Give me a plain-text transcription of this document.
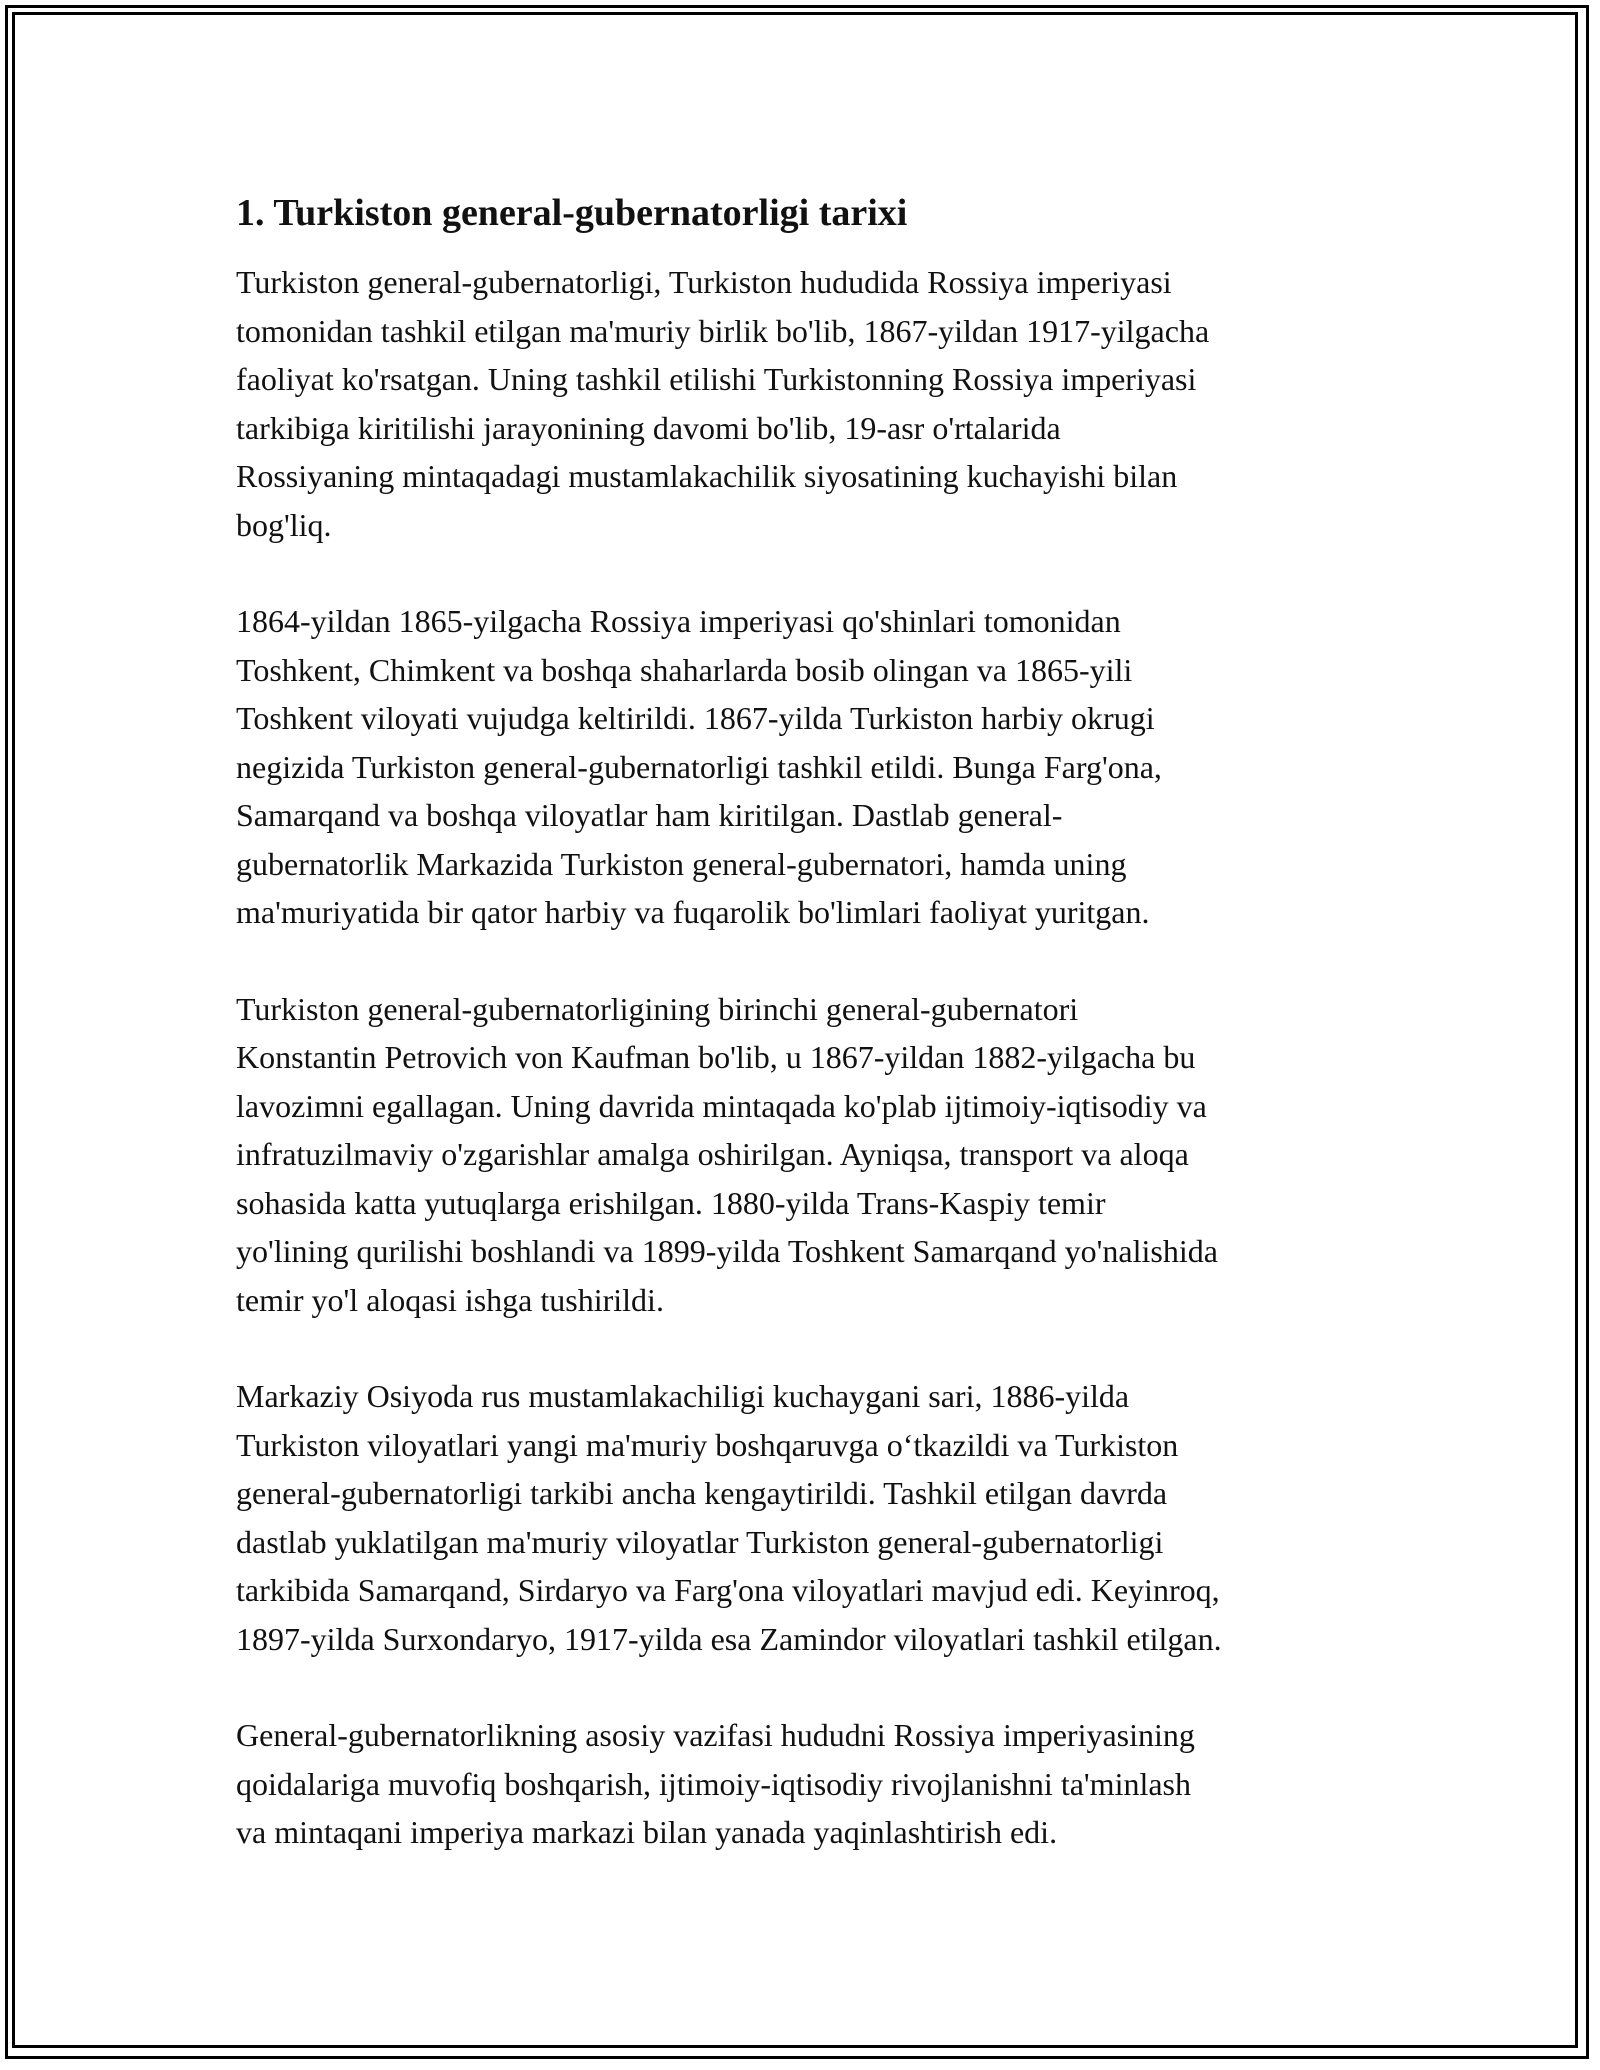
1. Turkiston general-gubernatorligi tarixi

Turkiston general-gubernatorligi, Turkiston hududida Rossiya imperiyasi
tomonidan tashkil etilgan ma'muriy birlik bo'lib, 1867-yildan 1917-yilgacha
faoliyat ko'rsatgan. Uning tashkil etilishi Turkistonning Rossiya imperiyasi
tarkibiga kiritilishi jarayonining davomi bo'lib, 19-asr o'rtalarida
Rossiyaning mintaqadagi mustamlakachilik siyosatining kuchayishi bilan
bog'liq.

1864-yildan 1865-yilgacha Rossiya imperiyasi qo'shinlari tomonidan
Toshkent, Chimkent va boshqa shaharlarda bosib olingan va 1865-yili
Toshkent viloyati vujudga keltirildi. 1867-yilda Turkiston harbiy okrugi
negizida Turkiston general-gubernatorligi tashkil etildi. Bunga Farg'ona,
Samarqand va boshqa viloyatlar ham kiritilgan. Dastlab general-
gubernatorlik Markazida Turkiston general-gubernatori, hamda uning
ma'muriyatida bir qator harbiy va fuqarolik bo'limlari faoliyat yuritgan.

Turkiston general-gubernatorligining birinchi general-gubernatori
Konstantin Petrovich von Kaufman bo'lib, u 1867-yildan 1882-yilgacha bu
lavozimni egallagan. Uning davrida mintaqada ko'plab ijtimoiy-iqtisodiy va
infratuzilmaviy o'zgarishlar amalga oshirilgan. Ayniqsa, transport va aloqa
sohasida katta yutuqlarga erishilgan. 1880-yilda Trans-Kaspiy temir
yo'lining qurilishi boshlandi va 1899-yilda Toshkent Samarqand yo'nalishida
temir yo'l aloqasi ishga tushirildi.

Markaziy Osiyoda rus mustamlakachiligi kuchaygani sari, 1886-yilda
Turkiston viloyatlari yangi ma'muriy boshqaruvga o‘tkazildi va Turkiston
general-gubernatorligi tarkibi ancha kengaytirildi. Tashkil etilgan davrda
dastlab yuklatilgan ma'muriy viloyatlar Turkiston general-gubernatorligi
tarkibida Samarqand, Sirdaryo va Farg'ona viloyatlari mavjud edi. Keyinroq,
1897-yilda Surxondaryo, 1917-yilda esa Zamindor viloyatlari tashkil etilgan.

General-gubernatorlikning asosiy vazifasi hududni Rossiya imperiyasining
qoidalariga muvofiq boshqarish, ijtimoiy-iqtisodiy rivojlanishni ta'minlash
va mintaqani imperiya markazi bilan yanada yaqinlashtirish edi.
